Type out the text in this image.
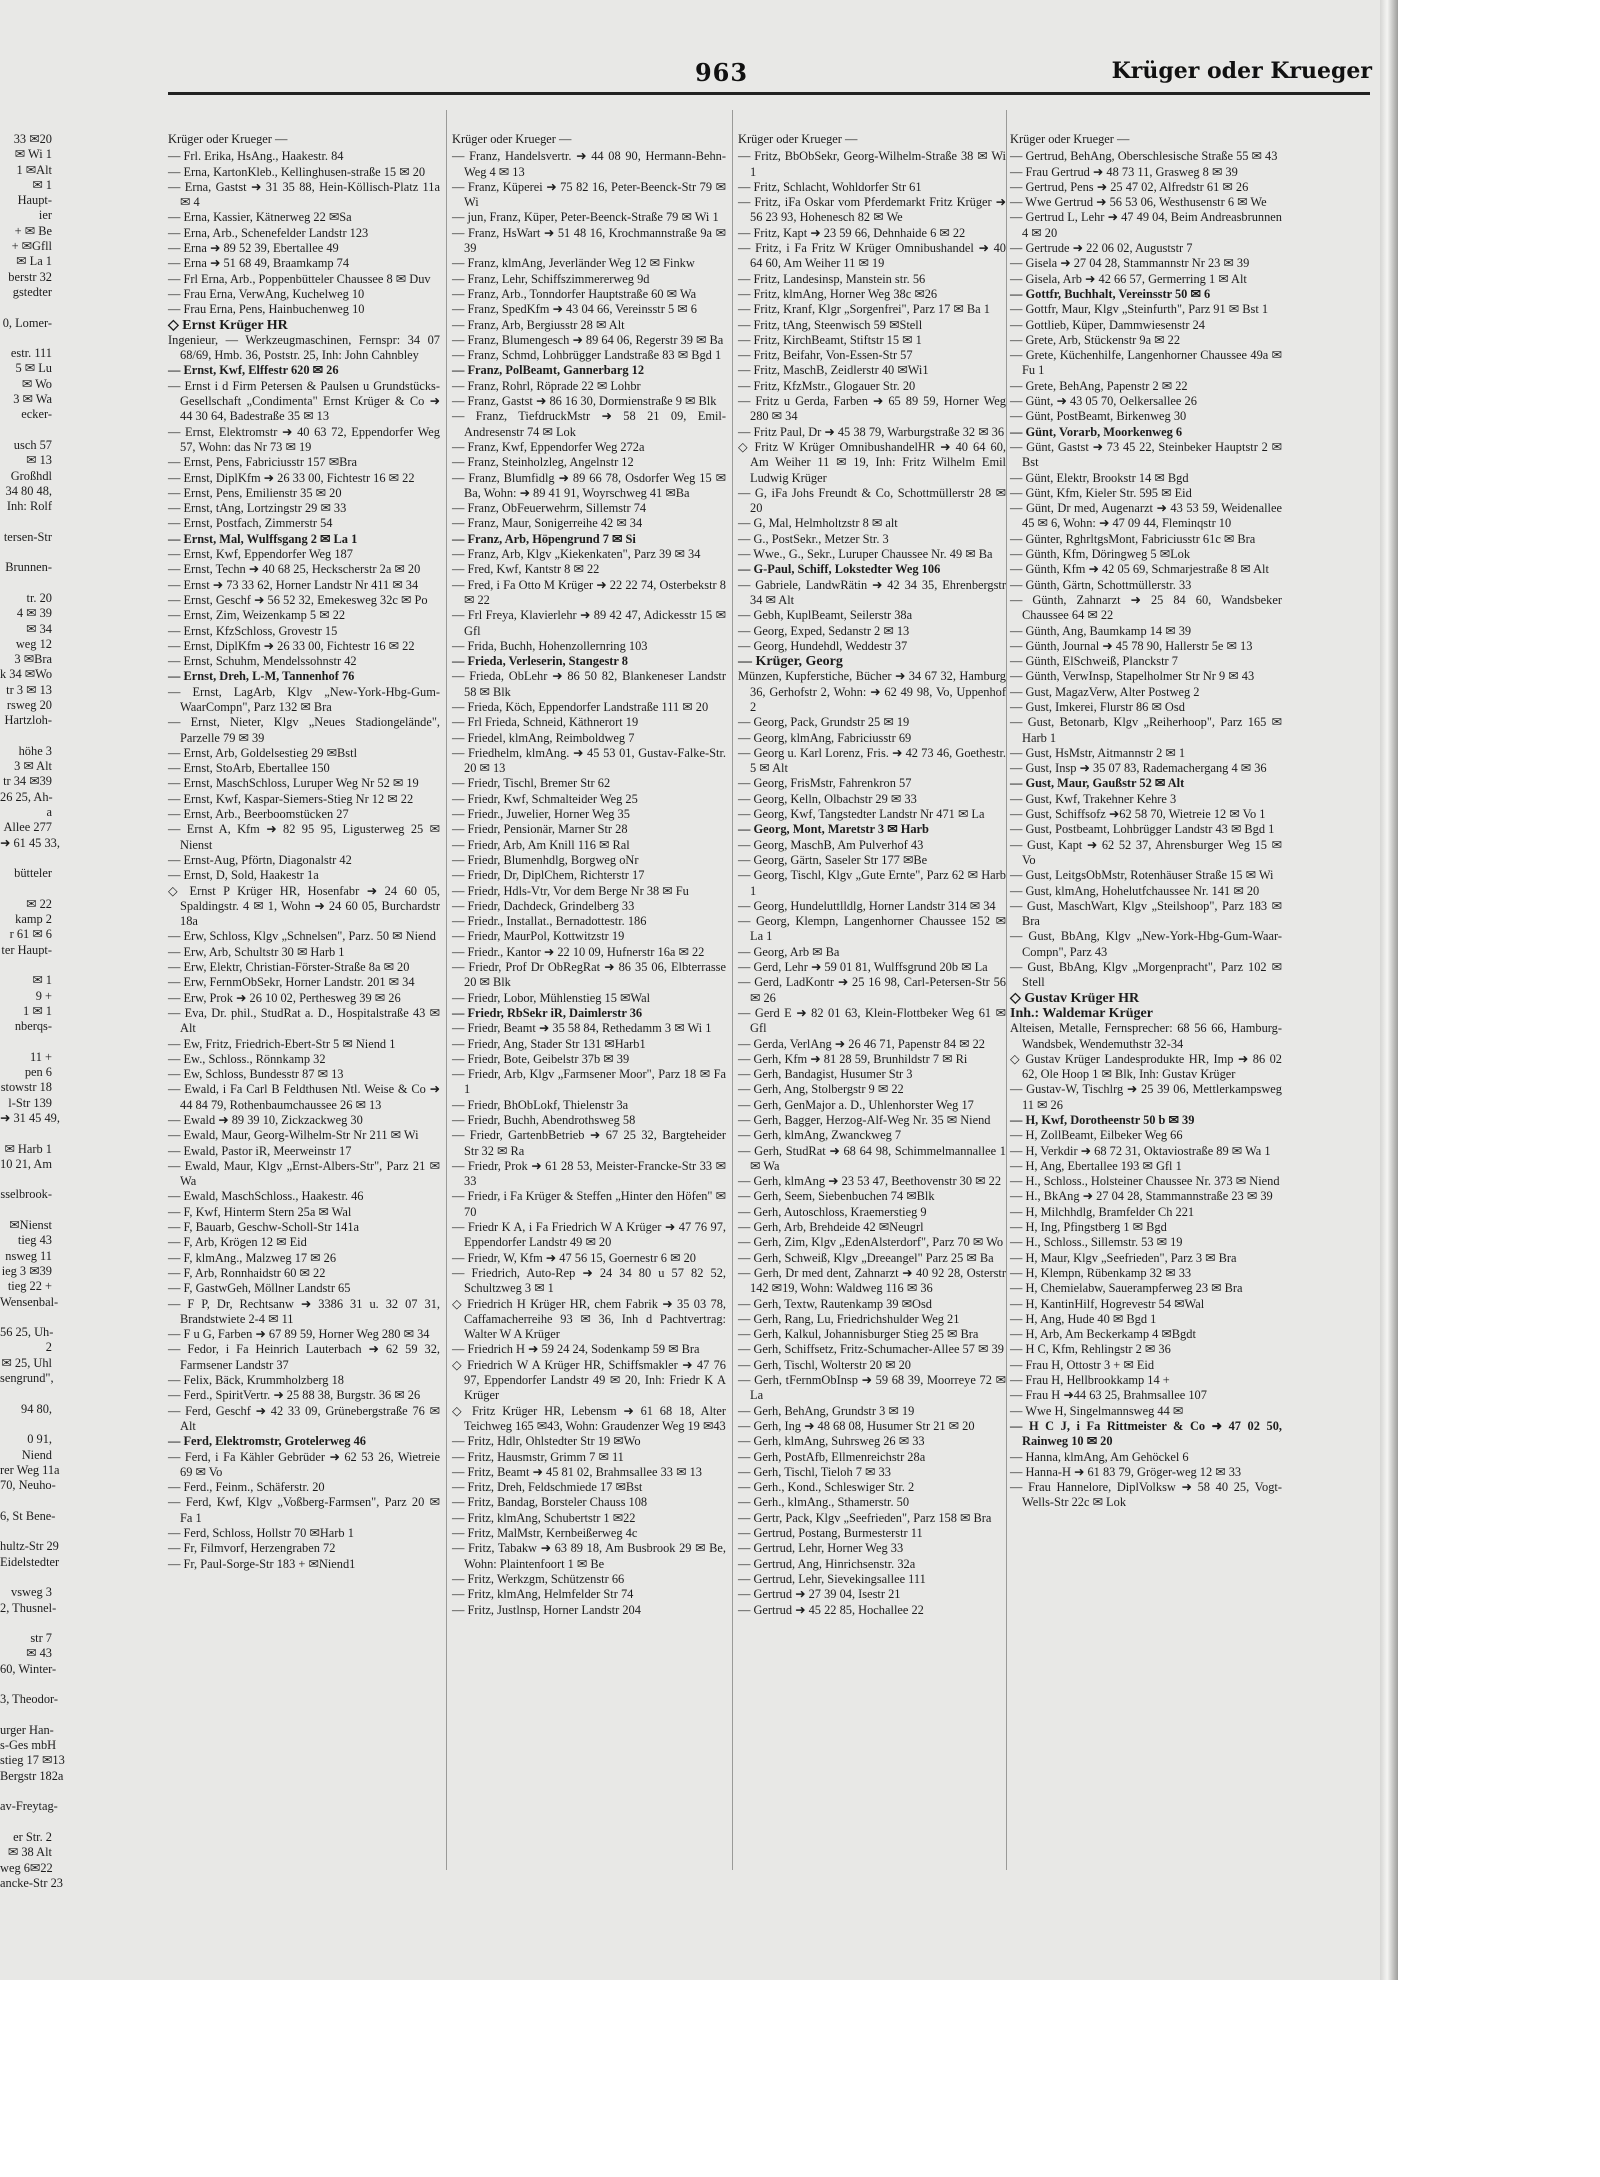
963	Krüger oder Krueger

33 ✉20

✉ Wi 1

1 ✉Alt

✉ 1

Haupt-

ier

+ ✉ Be

+ ✉Gfll

✉ La 1

berstr 32

gstedter

0, Lomer-

estr. 111

5 ✉ Lu

✉ Wo

3 ✉ Wa

ecker-

usch 57

✉ 13

Großhdl

34 80 48,

Inh: Rolf

tersen-Str

Brunnen-

tr. 20

4 ✉ 39

✉ 34

weg 12

3 ✉Bra

k 34 ✉Wo

tr 3 ✉ 13

rsweg 20

Hartzloh-

höhe 3

3 ✉ Alt

tr 34 ✉39

26 25, Ah-

a

Allee 277

➜ 61 45 33,

bütteler

✉ 22

kamp 2

r 61 ✉ 6

ter Haupt-

✉ 1

9 +

1 ✉ 1

nberqs-

11 +

pen 6

stowstr 18

l-Str 139

➜ 31 45 49,

✉ Harb 1

10 21, Am

sselbrook-

✉Nienst

tieg 43

nsweg 11

ieg 3 ✉39

tieg 22 +

Wensenbal-

56 25, Uh-

2

✉ 25, Uhl

sengrund",

94 80,

0 91,

Niend

rer Weg 11a

70, Neuho-

6, St Bene-

hultz-Str 29

Eidelstedter

vsweg 3

2, Thusnel-

str 7

✉ 43

60, Winter-

3, Theodor-

urger Han-

s-Ges mbH

stieg 17 ✉13

Bergstr 182a

av-Freytag-

er Str. 2

✉ 38 Alt

weg 6✉22

ancke-Str 23

Krüger oder Krueger —

— Frl. Erika, HsAng., Haakestr. 84

— Erna, KartonKleb., Kellinghusen-straße 15 ✉ 20

— Erna, Gastst ➜ 31 35 88, Hein-Köllisch-Platz 11a ✉ 4

— Erna, Kassier, Kätnerweg 22 ✉Sa

— Erna, Arb., Schenefelder Landstr 123

— Erna ➜ 89 52 39, Ebertallee 49

— Erna ➜ 51 68 49, Braamkamp 74

— Frl Erna, Arb., Poppenbütteler Chaussee 8 ✉ Duv

— Frau Erna, VerwAng, Kuchelweg 10

— Frau Erna, Pens, Hainbuchenweg 10

◇ Ernst Krüger HR

Ingenieur, — Werkzeugmaschinen, Fernspr: 34 07 68/69, Hmb. 36, Poststr. 25, Inh: John Cahnbley

— Ernst, Kwf, Elffestr 620 ✉ 26

— Ernst i d Firm Petersen & Paulsen u Grundstücks-Gesellschaft „Condimenta" Ernst Krüger & Co ➜ 44 30 64, Badestraße 35 ✉ 13

— Ernst, Elektromstr ➜ 40 63 72, Eppendorfer Weg 57, Wohn: das Nr 73 ✉ 19

— Ernst, Pens, Fabriciusstr 157 ✉Bra

— Ernst, DiplKfm ➜ 26 33 00, Fichtestr 16 ✉ 22

— Ernst, Pens, Emilienstr 35 ✉ 20

— Ernst, tAng, Lortzingstr 29 ✉ 33

— Ernst, Postfach, Zimmerstr 54

— Ernst, Mal, Wulffsgang 2 ✉ La 1

— Ernst, Kwf, Eppendorfer Weg 187

— Ernst, Techn ➜ 40 68 25, Heckscherstr 2a ✉ 20

— Ernst ➜ 73 33 62, Horner Landstr Nr 411 ✉ 34

— Ernst, Geschf ➜ 56 52 32, Emekesweg 32c ✉ Po

— Ernst, Zim, Weizenkamp 5 ✉ 22

— Ernst, KfzSchloss, Grovestr 15

— Ernst, DiplKfm ➜ 26 33 00, Fichtestr 16 ✉ 22

— Ernst, Schuhm, Mendelssohnstr 42

— Ernst, Dreh, L-M, Tannenhof 76

— Ernst, LagArb, Klgv „New-York-Hbg-Gum-WaarCompn", Parz 132 ✉ Bra

— Ernst, Nieter, Klgv „Neues Stadiongelände", Parzelle 79 ✉ 39

— Ernst, Arb, Goldelsestieg 29 ✉Bstl

— Ernst, StoArb, Ebertallee 150

— Ernst, MaschSchloss, Luruper Weg Nr 52 ✉ 19

— Ernst, Kwf, Kaspar-Siemers-Stieg Nr 12 ✉ 22

— Ernst, Arb., Beerboomstücken 27

— Ernst A, Kfm ➜ 82 95 95, Ligusterweg 25 ✉ Nienst

— Ernst-Aug, Pförtn, Diagonalstr 42

— Ernst, D, Sold, Haakestr 1a

◇ Ernst P Krüger HR, Hosenfabr ➜ 24 60 05, Spaldingstr. 4 ✉ 1, Wohn ➜ 24 60 05, Burchardstr 18a

— Erw, Schloss, Klgv „Schnelsen", Parz. 50 ✉ Niend

— Erw, Arb, Schultstr 30 ✉ Harb 1

— Erw, Elektr, Christian-Förster-Straße 8a ✉ 20

— Erw, FernmObSekr, Horner Landstr. 201 ✉ 34

— Erw, Prok ➜ 26 10 02, Perthesweg 39 ✉ 26

— Eva, Dr. phil., StudRat a. D., Hospitalstraße 43 ✉ Alt

— Ew, Fritz, Friedrich-Ebert-Str 5 ✉ Niend 1

— Ew., Schloss., Rönnkamp 32

— Ew, Schloss, Bundesstr 87 ✉ 13

— Ewald, i Fa Carl B Feldthusen Ntl. Weise & Co ➜ 44 84 79, Rothenbaumchaussee 26 ✉ 13

— Ewald ➜ 89 39 10, Zickzackweg 30

— Ewald, Maur, Georg-Wilhelm-Str Nr 211 ✉ Wi

— Ewald, Pastor iR, Meerweinstr 17

— Ewald, Maur, Klgv „Ernst-Albers-Str", Parz 21 ✉ Wa

— Ewald, MaschSchloss., Haakestr. 46

— F, Kwf, Hinterm Stern 25a ✉ Wal

— F, Bauarb, Geschw-Scholl-Str 141a

— F, Arb, Krögen 12 ✉ Eid

— F, klmAng., Malzweg 17 ✉ 26

— F, Arb, Ronnhaidstr 60 ✉ 22

— F, GastwGeh, Möllner Landstr 65

— F P, Dr, Rechtsanw ➜ 3386 31 u. 32 07 31, Brandstwiete 2-4 ✉ 11

— F u G, Farben ➜ 67 89 59, Horner Weg 280 ✉ 34

— Fedor, i Fa Heinrich Lauterbach ➜ 62 59 32, Farmsener Landstr 37

— Felix, Bäck, Krummholzberg 18

— Ferd., SpiritVertr. ➜ 25 88 38, Burgstr. 36 ✉ 26

— Ferd, Geschf ➜ 42 33 09, Grünebergstraße 76 ✉ Alt

— Ferd, Elektromstr, Grotelerweg 46

— Ferd, i Fa Kähler Gebrüder ➜ 62 53 26, Wietreie 69 ✉ Vo

— Ferd., Feinm., Schäferstr. 20

— Ferd, Kwf, Klgv „Voßberg-Farmsen", Parz 20 ✉ Fa 1

— Ferd, Schloss, Hollstr 70 ✉Harb 1

— Fr, Filmvorf, Herzengraben 72

— Fr, Paul-Sorge-Str 183 + ✉Niend1

Krüger oder Krueger —

— Franz, Handelsvertr. ➜ 44 08 90, Hermann-Behn-Weg 4 ✉ 13

— Franz, Küperei ➜ 75 82 16, Peter-Beenck-Str 79 ✉ Wi

— jun, Franz, Küper, Peter-Beenck-Straße 79 ✉ Wi 1

— Franz, HsWart ➜ 51 48 16, Krochmannstraße 9a ✉ 39

— Franz, klmAng, Jeverländer Weg 12 ✉ Finkw

— Franz, Lehr, Schiffszimmererweg 9d

— Franz, Arb., Tonndorfer Hauptstraße 60 ✉ Wa

— Franz, SpedKfm ➜ 43 04 66, Vereinsstr 5 ✉ 6

— Franz, Arb, Bergiusstr 28 ✉ Alt

— Franz, Blumengesch ➜ 89 64 06, Regerstr 39 ✉ Ba

— Franz, Schmd, Lohbrügger Landstraße 83 ✉ Bgd 1

— Franz, PolBeamt, Gannerbarg 12

— Franz, Rohrl, Röprade 22 ✉ Lohbr

— Franz, Gastst ➜ 86 16 30, Dormienstraße 9 ✉ Blk

— Franz, TiefdruckMstr ➜ 58 21 09, Emil-Andresenstr 74 ✉ Lok

— Franz, Kwf, Eppendorfer Weg 272a

— Franz, Steinholzleg, Angelnstr 12

— Franz, Blumfidlg ➜ 89 66 78, Osdorfer Weg 15 ✉ Ba, Wohn: ➜ 89 41 91, Woyrschweg 41 ✉Ba

— Franz, ObFeuerwehrm, Sillemstr 74

— Franz, Maur, Sonigerreihe 42 ✉ 34

— Franz, Arb, Höpengrund 7 ✉ Si

— Franz, Arb, Klgv „Kiekenkaten", Parz 39 ✉ 34

— Fred, Kwf, Kantstr 8 ✉ 22

— Fred, i Fa Otto M Krüger ➜ 22 22 74, Osterbekstr 8 ✉ 22

— Frl Freya, Klavierlehr ➜ 89 42 47, Adickesstr 15 ✉ Gfl

— Frida, Buchh, Hohenzollernring 103

— Frieda, Verleserin, Stangestr 8

— Frieda, ObLehr ➜ 86 50 82, Blankeneser Landstr 58 ✉ Blk

— Frieda, Köch, Eppendorfer Landstraße 111 ✉ 20

— Frl Frieda, Schneid, Käthnerort 19

— Friedel, klmAng, Reimboldweg 7

— Friedhelm, klmAng. ➜ 45 53 01, Gustav-Falke-Str. 20 ✉ 13

— Friedr, Tischl, Bremer Str 62

— Friedr, Kwf, Schmalteider Weg 25

— Friedr., Juwelier, Horner Weg 35

— Friedr, Pensionär, Marner Str 28

— Friedr, Arb, Am Knill 116 ✉ Ral

— Friedr, Blumenhdlg, Borgweg oNr

— Friedr, Dr, DiplChem, Richterstr 17

— Friedr, Hdls-Vtr, Vor dem Berge Nr 38 ✉ Fu

— Friedr, Dachdeck, Grindelberg 33

— Friedr., Installat., Bernadottestr. 186

— Friedr, MaurPol, Kottwitzstr 19

— Friedr., Kantor ➜ 22 10 09, Hufnerstr 16a ✉ 22

— Friedr, Prof Dr ObRegRat ➜ 86 35 06, Elbterrasse 20 ✉ Blk

— Friedr, Lobor, Mühlenstieg 15 ✉Wal

— Friedr, RbSekr iR, Daimlerstr 36

— Friedr, Beamt ➜ 35 58 84, Rethedamm 3 ✉ Wi 1

— Friedr, Ang, Stader Str 131 ✉Harb1

— Friedr, Bote, Geibelstr 37b ✉ 39

— Friedr, Arb, Klgv „Farmsener Moor", Parz 18 ✉ Fa 1

— Friedr, BhObLokf, Thielenstr 3a

— Friedr, Buchh, Abendrothsweg 58

— Friedr, GartenbBetrieb ➜ 67 25 32, Bargteheider Str 32 ✉ Ra

— Friedr, Prok ➜ 61 28 53, Meister-Francke-Str 33 ✉ 33

— Friedr, i Fa Krüger & Steffen „Hinter den Höfen" ✉ 70

— Friedr K A, i Fa Friedrich W A Krüger ➜ 47 76 97, Eppendorfer Landstr 49 ✉ 20

— Friedr, W, Kfm ➜ 47 56 15, Goernestr 6 ✉ 20

— Friedrich, Auto-Rep ➜ 24 34 80 u 57 82 52, Schultzweg 3 ✉ 1

◇ Friedrich H Krüger HR, chem Fabrik ➜ 35 03 78, Caffamacherreihe 93 ✉ 36, Inh d Pachtvertrag: Walter W A Krüger

— Friedrich H ➜ 59 24 24, Sodenkamp 59 ✉ Bra

◇ Friedrich W A Krüger HR, Schiffsmakler ➜ 47 76 97, Eppendorfer Landstr 49 ✉ 20, Inh: Friedr K A Krüger

◇ Fritz Krüger HR, Lebensm ➜ 61 68 18, Alter Teichweg 165 ✉43, Wohn: Graudenzer Weg 19 ✉43

— Fritz, Hdlr, Ohlstedter Str 19 ✉Wo

— Fritz, Hausmstr, Grimm 7 ✉ 11

— Fritz, Beamt ➜ 45 81 02, Brahmsallee 33 ✉ 13

— Fritz, Dreh, Feldschmiede 17 ✉Bst

— Fritz, Bandag, Borsteler Chauss 108

— Fritz, klmAng, Schubertstr 1 ✉22

— Fritz, MalMstr, Kernbeißerweg 4c

— Fritz, Tabakw ➜ 63 89 18, Am Busbrook 29 ✉ Be, Wohn: Plaintenfoort 1 ✉ Be

— Fritz, Werkzgm, Schützenstr 66

— Fritz, klmAng, Helmfelder Str 74

— Fritz, Justlnsp, Horner Landstr 204

Krüger oder Krueger —

— Fritz, BbObSekr, Georg-Wilhelm-Straße 38 ✉ Wi 1

— Fritz, Schlacht, Wohldorfer Str 61

— Fritz, iFa Oskar vom Pferdemarkt Fritz Krüger ➜ 56 23 93, Hohenesch 82 ✉ We

— Fritz, Kapt ➜ 23 59 66, Dehnhaide 6 ✉ 22

— Fritz, i Fa Fritz W Krüger Omnibushandel ➜ 40 64 60, Am Weiher 11 ✉ 19

— Fritz, Landesinsp, Manstein str. 56

— Fritz, klmAng, Horner Weg 38c ✉26

— Fritz, Kranf, Klgr „Sorgenfrei", Parz 17 ✉ Ba 1

— Fritz, tAng, Steenwisch 59 ✉Stell

— Fritz, KirchBeamt, Stiftstr 15 ✉ 1

— Fritz, Beifahr, Von-Essen-Str 57

— Fritz, MaschB, Zeidlerstr 40 ✉Wi1

— Fritz, KfzMstr., Glogauer Str. 20

— Fritz u Gerda, Farben ➜ 65 89 59, Horner Weg 280 ✉ 34

— Fritz Paul, Dr ➜ 45 38 79, Warburgstraße 32 ✉ 36

◇ Fritz W Krüger OmnibushandelHR ➜ 40 64 60, Am Weiher 11 ✉ 19, Inh: Fritz Wilhelm Emil Ludwig Krüger

— G, iFa Johs Freundt & Co, Schottmüllerstr 28 ✉ 20

— G, Mal, Helmholtzstr 8 ✉ alt

— G., PostSekr., Metzer Str. 3

— Wwe., G., Sekr., Luruper Chaussee Nr. 49 ✉ Ba

— G-Paul, Schiff, Lokstedter Weg 106

— Gabriele, LandwRätin ➜ 42 34 35, Ehrenbergstr 34 ✉ Alt

— Gebh, KuplBeamt, Seilerstr 38a

— Georg, Exped, Sedanstr 2 ✉ 13

— Georg, Hundehdl, Weddestr 37

— Krüger, Georg

Münzen, Kupferstiche, Bücher ➜ 34 67 32, Hamburg 36, Gerhofstr 2, Wohn: ➜ 62 49 98, Vo, Uppenhof 2

— Georg, Pack, Grundstr 25 ✉ 19

— Georg, klmAng, Fabriciusstr 69

— Georg u. Karl Lorenz, Fris. ➜ 42 73 46, Goethestr. 5 ✉ Alt

— Georg, FrisMstr, Fahrenkron 57

— Georg, Kelln, Olbachstr 29 ✉ 33

— Georg, Kwf, Tangstedter Landstr Nr 471 ✉ La

— Georg, Mont, Maretstr 3 ✉ Harb

— Georg, MaschB, Am Pulverhof 43

— Georg, Gärtn, Saseler Str 177 ✉Be

— Georg, Tischl, Klgv „Gute Ernte", Parz 62 ✉ Harb 1

— Georg, Hundeluttlldlg, Horner Landstr 314 ✉ 34

— Georg, Klempn, Langenhorner Chaussee 152 ✉ La 1

— Georg, Arb ✉ Ba

— Gerd, Lehr ➜ 59 01 81, Wulffsgrund 20b ✉ La

— Gerd, LadKontr ➜ 25 16 98, Carl-Petersen-Str 56 ✉ 26

— Gerd E ➜ 82 01 63, Klein-Flottbeker Weg 61 ✉ Gfl

— Gerda, VerlAng ➜ 26 46 71, Papenstr 84 ✉ 22

— Gerh, Kfm ➜ 81 28 59, Brunhildstr 7 ✉ Ri

— Gerh, Bandagist, Husumer Str 3

— Gerh, Ang, Stolbergstr 9 ✉ 22

— Gerh, GenMajor a. D., Uhlenhorster Weg 17

— Gerh, Bagger, Herzog-Alf-Weg Nr. 35 ✉ Niend

— Gerh, klmAng, Zwanckweg 7

— Gerh, StudRat ➜ 68 64 98, Schimmelmannallee 1 ✉ Wa

— Gerh, klmAng ➜ 23 53 47, Beethovenstr 30 ✉ 22

— Gerh, Seem, Siebenbuchen 74 ✉Blk

— Gerh, Autoschloss, Kraemerstieg 9

— Gerh, Arb, Brehdeide 42 ✉Neugrl

— Gerh, Zim, Klgv „EdenAlsterdorf", Parz 70 ✉ Wo

— Gerh, Schweiß, Klgv „Dreeangel" Parz 25 ✉ Ba

— Gerh, Dr med dent, Zahnarzt ➜ 40 92 28, Osterstr 142 ✉19, Wohn: Waldweg 116 ✉ 36

— Gerh, Textw, Rautenkamp 39 ✉Osd

— Gerh, Rang, Lu, Friedrichshulder Weg 21

— Gerh, Kalkul, Johannisburger Stieg 25 ✉ Bra

— Gerh, Schiffsetz, Fritz-Schumacher-Allee 57 ✉ 39

— Gerh, Tischl, Wolterstr 20 ✉ 20

— Gerh, tFernmObInsp ➜ 59 68 39, Moorreye 72 ✉ La

— Gerh, BehAng, Grundstr 3 ✉ 19

— Gerh, Ing ➜ 48 68 08, Husumer Str 21 ✉ 20

— Gerh, klmAng, Suhrsweg 26 ✉ 33

— Gerh, PostAfb, Ellmenreichstr 28a

— Gerh, Tischl, Tieloh 7 ✉ 33

— Gerh., Kond., Schleswiger Str. 2

— Gerh., klmAng., Sthamerstr. 50

— Gertr, Pack, Klgv „Seefrieden", Parz 158 ✉ Bra

— Gertrud, Postang, Burmesterstr 11

— Gertrud, Lehr, Horner Weg 33

— Gertrud, Ang, Hinrichsenstr. 32a

— Gertrud, Lehr, Sievekingsallee 111

— Gertrud ➜ 27 39 04, Isestr 21

— Gertrud ➜ 45 22 85, Hochallee 22

Krüger oder Krueger —

— Gertrud, BehAng, Oberschlesische Straße 55 ✉ 43

— Frau Gertrud ➜ 48 73 11, Grasweg 8 ✉ 39

— Gertrud, Pens ➜ 25 47 02, Alfredstr 61 ✉ 26

— Wwe Gertrud ➜ 56 53 06, Westhusenstr 6 ✉ We

— Gertrud L, Lehr ➜ 47 49 04, Beim Andreasbrunnen 4 ✉ 20

— Gertrude ➜ 22 06 02, Auguststr 7

— Gisela ➜ 27 04 28, Stammannstr Nr 23 ✉ 39

— Gisela, Arb ➜ 42 66 57, Germerring 1 ✉ Alt

— Gottfr, Buchhalt, Vereinsstr 50 ✉ 6

— Gottfr, Maur, Klgv „Steinfurth", Parz 91 ✉ Bst 1

— Gottlieb, Küper, Dammwiesenstr 24

— Grete, Arb, Stückenstr 9a ✉ 22

— Grete, Küchenhilfe, Langenhorner Chaussee 49a ✉ Fu 1

— Grete, BehAng, Papenstr 2 ✉ 22

— Günt, ➜ 43 05 70, Oelkersallee 26

— Günt, PostBeamt, Birkenweg 30

— Günt, Vorarb, Moorkenweg 6

— Günt, Gastst ➜ 73 45 22, Steinbeker Hauptstr 2 ✉ Bst

— Günt, Elektr, Brookstr 14 ✉ Bgd

— Günt, Kfm, Kieler Str. 595 ✉ Eid

— Günt, Dr med, Augenarzt ➜ 43 53 59, Weidenallee 45 ✉ 6, Wohn: ➜ 47 09 44, Fleminqstr 10

— Günter, RghrltgsMont, Fabriciusstr 61c ✉ Bra

— Günth, Kfm, Döringweg 5 ✉Lok

— Günth, Kfm ➜ 42 05 69, Schmarjestraße 8 ✉ Alt

— Günth, Gärtn, Schottmüllerstr. 33

— Günth, Zahnarzt ➜ 25 84 60, Wandsbeker Chaussee 64 ✉ 22

— Günth, Ang, Baumkamp 14 ✉ 39

— Günth, Journal ➜ 45 78 90, Hallerstr 5e ✉ 13

— Günth, ElSchweiß, Planckstr 7

— Günth, VerwInsp, Stapelholmer Str Nr 9 ✉ 43

— Gust, MagazVerw, Alter Postweg 2

— Gust, Imkerei, Flurstr 86 ✉ Osd

— Gust, Betonarb, Klgv „Reiherhoop", Parz 165 ✉ Harb 1

— Gust, HsMstr, Aitmannstr 2 ✉ 1

— Gust, Insp ➜ 35 07 83, Rademachergang 4 ✉ 36

— Gust, Maur, Gaußstr 52 ✉ Alt

— Gust, Kwf, Trakehner Kehre 3

— Gust, Schiffsofz ➜62 58 70, Wietreie 12 ✉ Vo 1

— Gust, Postbeamt, Lohbrügger Landstr 43 ✉ Bgd 1

— Gust, Kapt ➜ 62 52 37, Ahrensburger Weg 15 ✉ Vo

— Gust, LeitgsObMstr, Rotenhäuser Straße 15 ✉ Wi

— Gust, klmAng, Hohelutfchaussee Nr. 141 ✉ 20

— Gust, MaschWart, Klgv „Steilshoop", Parz 183 ✉ Bra

— Gust, BbAng, Klgv „New-York-Hbg-Gum-Waar-Compn", Parz 43

— Gust, BbAng, Klgv „Morgenpracht", Parz 102 ✉ Stell

◇ Gustav Krüger HR

Inh.: Waldemar Krüger

Alteisen, Metalle, Fernsprecher: 68 56 66, Hamburg-Wandsbek, Wendemuthstr 32-34

◇ Gustav Krüger Landesprodukte HR, Imp ➜ 86 02 62, Ole Hoop 1 ✉ Blk, Inh: Gustav Krüger

— Gustav-W, Tischlrg ➜ 25 39 06, Mettlerkampsweg 11 ✉ 26

— H, Kwf, Dorotheenstr 50 b ✉ 39

— H, ZollBeamt, Eilbeker Weg 66

— H, Verkdir ➜ 68 72 31, Oktaviostraße 89 ✉ Wa 1

— H, Ang, Ebertallee 193 ✉ Gfl 1

— H., Schloss., Holsteiner Chaussee Nr. 373 ✉ Niend

— H., BkAng ➜ 27 04 28, Stammannstraße 23 ✉ 39

— H, Milchhdlg, Bramfelder Ch 221

— H, Ing, Pfingstberg 1 ✉ Bgd

— H., Schloss., Sillemstr. 53 ✉ 19

— H, Maur, Klgv „Seefrieden", Parz 3 ✉ Bra

— H, Klempn, Rübenkamp 32 ✉ 33

— H, Chemielabw, Sauerampferweg 23 ✉ Bra

— H, KantinHilf, Hogrevestr 54 ✉Wal

— H, Ang, Hude 40 ✉ Bgd 1

— H, Arb, Am Beckerkamp 4 ✉Bgdt

— H C, Kfm, Rehlingstr 2 ✉ 36

— Frau H, Ottostr 3 + ✉ Eid

— Frau H, Hellbrookkamp 14 +

— Frau H ➜44 63 25, Brahmsallee 107

— Wwe H, Singelmannsweg 44 ✉

— H C J, i Fa Rittmeister & Co ➜ 47 02 50, Rainweg 10 ✉ 20

— Hanna, klmAng, Am Gehöckel 6

— Hanna-H ➜ 61 83 79, Gröger-weg 12 ✉ 33

— Frau Hannelore, DiplVolksw ➜ 58 40 25, Vogt-Wells-Str 22c ✉ Lok
